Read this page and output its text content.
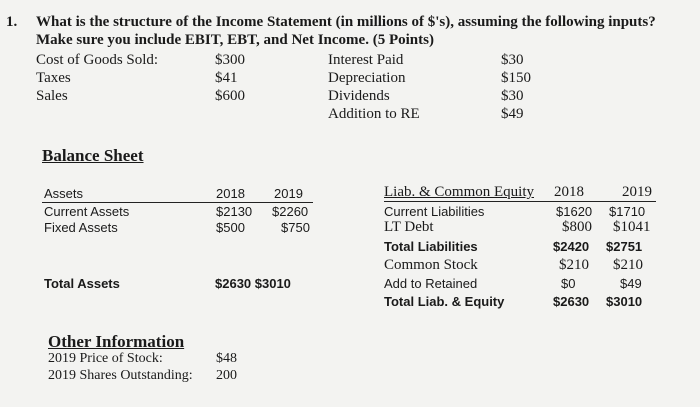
1. What is the structure of the Income Statement (in millions of $'s), assuming the following inputs?
Make sure you include EBIT, EBT, and Net Income. (5 Points)
Cost of Goods Sold:	$300
Taxes	$41
Sales	$600
Interest Paid	$30
Depreciation	$150
Dividends	$30
Addition to RE	$49
Balance Sheet
Assets	2018 2019
Current Assets	$2130 $2260
Fixed Assets	$500	$750
Total Assets	$2630 $3010
Liab. & Common Equity 2018	2019
Current Liabilities	$1620 $1710
LT Debt	$800 $1041
Total Liabilities	$2420 $2751
Common Stock	$210 $210
Add to Retained	$0	$49
Total Liab. & Equity	$2630 $3010
Other Information
2019 Price of Stock:	$48
2019 Shares Outstanding: 200
